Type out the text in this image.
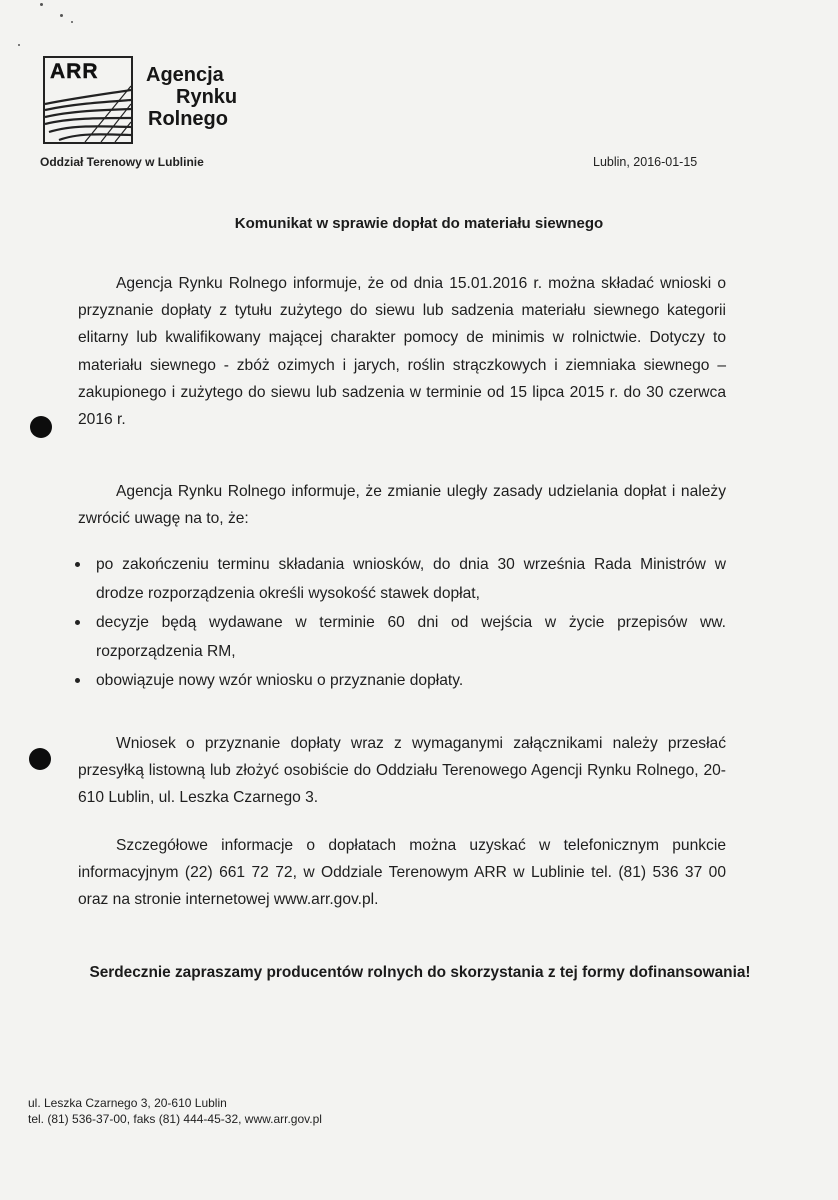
ARR Agencja
Rynku
Rolnego
Oddział Terenowy w Lublinie	Lublin, 2016-01-15
Komunikat w sprawie dopłat do materiału siewnego

Agencja Rynku Rolnego informuje, że od dnia 15.01.2016 r. można składać wnioski o przyznanie dopłaty z tytułu zużytego do siewu lub sadzenia materiału siewnego kategorii elitarny lub kwalifikowany mającej charakter pomocy de minimis w rolnictwie. Dotyczy to materiału siewnego - zbóż ozimych i jarych, roślin strączkowych i ziemniaka siewnego – zakupionego i zużytego do siewu lub sadzenia w terminie od 15 lipca 2015 r. do 30 czerwca 2016 r.

Agencja Rynku Rolnego informuje, że zmianie uległy zasady udzielania dopłat i należy zwrócić uwagę na to, że:

po zakończeniu terminu składania wniosków, do dnia 30 września Rada Ministrów w drodze rozporządzenia określi wysokość stawek dopłat,
decyzje będą wydawane w terminie 60 dni od wejścia w życie przepisów ww. rozporządzenia RM,
obowiązuje nowy wzór wniosku o przyznanie dopłaty.

Wniosek o przyznanie dopłaty wraz z wymaganymi załącznikami należy przesłać przesyłką listowną lub złożyć osobiście do Oddziału Terenowego Agencji Rynku Rolnego, 20-610 Lublin, ul. Leszka Czarnego 3.

Szczegółowe informacje o dopłatach można uzyskać w telefonicznym punkcie informacyjnym (22) 661 72 72, w Oddziale Terenowym ARR w Lublinie tel. (81) 536 37 00 oraz na stronie internetowej www.arr.gov.pl.

Serdecznie zapraszamy producentów rolnych do skorzystania z tej formy dofinansowania!
ul. Leszka Czarnego 3, 20-610 Lublin
tel. (81) 536-37-00, faks (81) 444-45-32, www.arr.gov.pl
